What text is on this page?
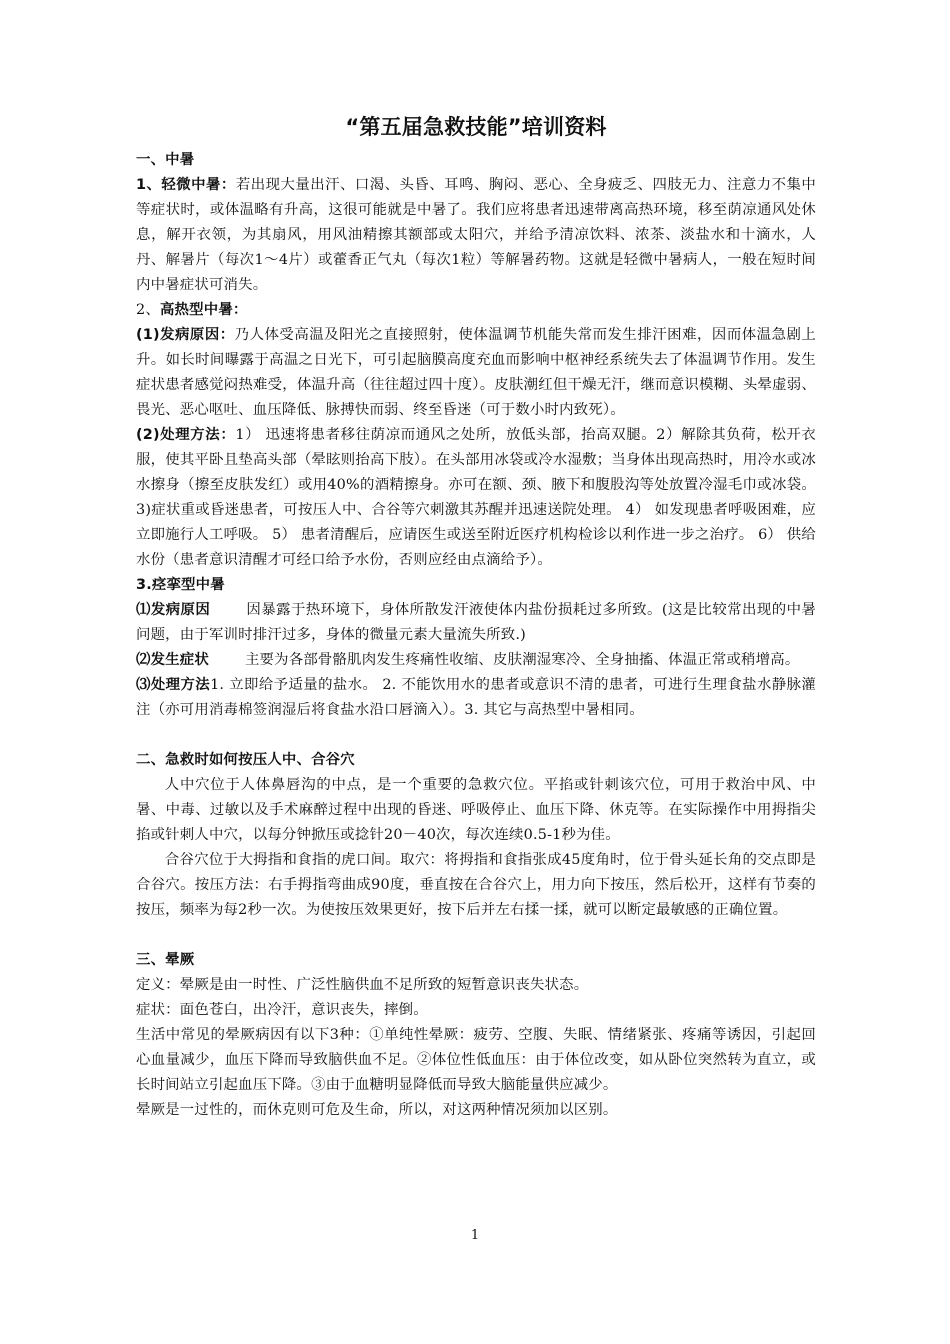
“第五届急救技能”培训资料

一、中暑

1、轻微中暑：若出现大量出汗、口渴、头昏、耳鸣、胸闷、恶心、全身疲乏、四肢无力、注意力不集中等症状时，或体温略有升高，这很可能就是中暑了。我们应将患者迅速带离高热环境，移至荫凉通风处休息，解开衣领，为其扇风，用风油精擦其额部或太阳穴，并给予清凉饮料、浓茶、淡盐水和十滴水，人丹、解暑片（每次1～4片）或藿香正气丸（每次1粒）等解暑药物。这就是轻微中暑病人，一般在短时间内中暑症状可消失。

2、高热型中暑：

(1)发病原因：乃人体受高温及阳光之直接照射，使体温调节机能失常而发生排汗困难，因而体温急剧上升。如长时间曝露于高温之日光下，可引起脑膜高度充血而影响中枢神经系统失去了体温调节作用。发生症状患者感觉闷热难受，体温升高（往往超过四十度）。皮肤潮红但干燥无汗，继而意识模糊、头晕虚弱、畏光、恶心呕吐、血压降低、脉搏快而弱、终至昏迷（可于数小时内致死）。

(2)处理方法：1） 迅速将患者移往荫凉而通风之处所，放低头部，抬高双腿。2）解除其负荷，松开衣服，使其平卧且垫高头部（晕眩则抬高下肢）。在头部用冰袋或冷水湿敷；当身体出现高热时，用冷水或冰水擦身（擦至皮肤发红）或用40%的酒精擦身。亦可在额、颈、腋下和腹股沟等处放置冷湿毛巾或冰袋。3)症状重或昏迷患者，可按压人中、合谷等穴刺激其苏醒并迅速送院处理。 4） 如发现患者呼吸困难，应立即施行人工呼吸。 5） 患者清醒后，应请医生或送至附近医疗机构检诊以利作进一步之治疗。 6） 供给水份（患者意识清醒才可经口给予水份，否则应经由点滴给予）。

3.痉挛型中暑

⑴发病原因	因暴露于热环境下，身体所散发汗液使体内盐份损耗过多所致。(这是比较常出现的中暑问题，由于军训时排汗过多，身体的微量元素大量流失所致.)

⑵发生症状	主要为各部骨骼肌肉发生疼痛性收缩、皮肤潮湿寒冷、全身抽搐、体温正常或稍增高。

⑶处理方法1. 立即给予适量的盐水。 2. 不能饮用水的患者或意识不清的患者，可进行生理食盐水静脉灌注（亦可用消毒棉签润湿后将食盐水沿口唇滴入）。3. 其它与高热型中暑相同。

二、急救时如何按压人中、合谷穴

人中穴位于人体鼻唇沟的中点，是一个重要的急救穴位。平掐或针刺该穴位，可用于救治中风、中暑、中毒、过敏以及手术麻醉过程中出现的昏迷、呼吸停止、血压下降、休克等。在实际操作中用拇指尖掐或针刺人中穴，以每分钟掀压或捻针20－40次，每次连续0.5-1秒为佳。

合谷穴位于大拇指和食指的虎口间。取穴：将拇指和食指张成45度角时，位于骨头延长角的交点即是合谷穴。按压方法：右手拇指弯曲成90度，垂直按在合谷穴上，用力向下按压，然后松开，这样有节奏的按压，频率为每2秒一次。为使按压效果更好，按下后并左右揉一揉，就可以断定最敏感的正确位置。

三、晕厥

定义：晕厥是由一时性、广泛性脑供血不足所致的短暂意识丧失状态。

症状：面色苍白，出冷汗，意识丧失，摔倒。

生活中常见的晕厥病因有以下3种：①单纯性晕厥：疲劳、空腹、失眠、情绪紧张、疼痛等诱因，引起回心血量减少，血压下降而导致脑供血不足。②体位性低血压：由于体位改变，如从卧位突然转为直立，或长时间站立引起血压下降。③由于血糖明显降低而导致大脑能量供应减少。

晕厥是一过性的，而休克则可危及生命，所以，对这两种情况须加以区别。

1
